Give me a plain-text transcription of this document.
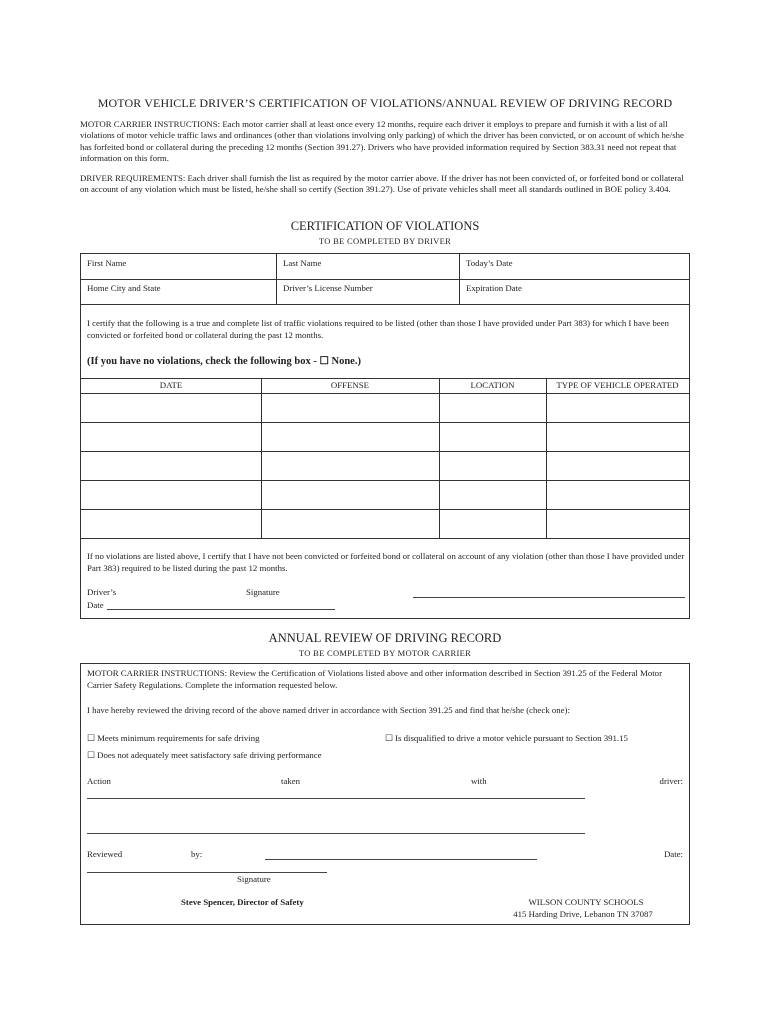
MOTOR VEHICLE DRIVER’S CERTIFICATION OF VIOLATIONS/ANNUAL REVIEW OF DRIVING RECORD
MOTOR CARRIER INSTRUCTIONS: Each motor carrier shall at least once every 12 months, require each driver it employs to prepare and furnish it with a list of all violations of motor vehicle traffic laws and ordinances (other than violations involving only parking) of which the driver has been convicted, or on account of which he/she has forfeited bond or collateral during the preceding 12 months (Section 391.27). Drivers who have provided information required by Section 383.31 need not repeat that information on this form.
DRIVER REQUIREMENTS: Each driver shall furnish the list as required by the motor carrier above. If the driver has not been convicted of, or forfeited bond or collateral on account of any violation which must be listed, he/she shall so certify (Section 391.27). Use of private vehicles shall meet all standards outlined in BOE policy 3.404.
CERTIFICATION OF VIOLATIONS
TO BE COMPLETED BY DRIVER
First Name	Last Name	Today’s Date
Home City and State	Driver’s License Number	Expiration Date
I certify that the following is a true and complete list of traffic violations required to be listed (other than those I have provided under Part 383) for which I have been convicted or forfeited bond or collateral during the past 12 months.
(If you have no violations, check the following box - ☐ None.)
DATE	OFFENSE	LOCATION	TYPE OF VEHICLE OPERATED
If no violations are listed above, I certify that I have not been convicted or forfeited bond or collateral on account of any violation (other than those I have provided under Part 383) required to be listed during the past 12 months.
Driver’s	Signature
Date
ANNUAL REVIEW OF DRIVING RECORD
TO BE COMPLETED BY MOTOR CARRIER
MOTOR CARRIER INSTRUCTIONS: Review the Certification of Violations listed above and other information described in Section 391.25 of the Federal Motor Carrier Safety Regulations. Complete the information requested below.
I have hereby reviewed the driving record of the above named driver in accordance with Section 391.25 and find that he/she (check one):
☐ Meets minimum requirements for safe driving	☐ Is disqualified to drive a motor vehicle pursuant to Section 391.15
☐ Does not adequately meet satisfactory safe driving performance
Action	taken	with	driver:
Reviewed	by:	Date:
Signature
Steve Spencer, Director of Safety	WILSON COUNTY SCHOOLS
415 Harding Drive, Lebanon TN 37087
